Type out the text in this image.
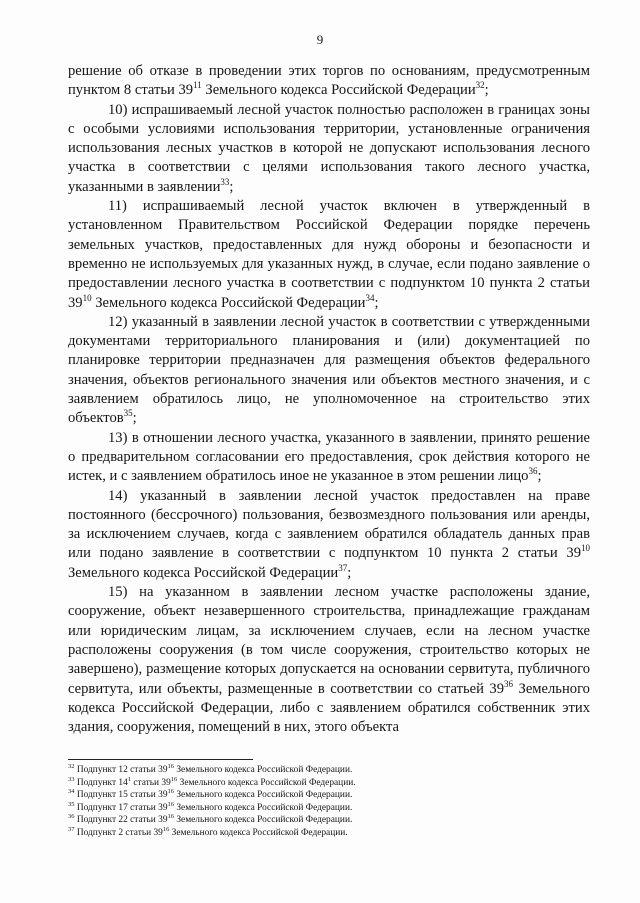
9

решение об отказе в проведении этих торгов по основаниям, предусмотренным пунктом 8 статьи $39^{11}$ Земельного кодекса Российской Федерации$^{32}$;

10) испрашиваемый лесной участок полностью расположен в границах зоны с особыми условиями использования территории, установленные ограничения использования лесных участков в которой не допускают использования лесного участка в соответствии с целями использования такого лесного участка, указанными в заявлении$^{33}$;

11) испрашиваемый лесной участок включен в утвержденный в установленном Правительством Российской Федерации порядке перечень земельных участков, предоставленных для нужд обороны и безопасности и временно не используемых для указанных нужд, в случае, если подано заявление о предоставлении лесного участка в соответствии с подпунктом 10 пункта 2 статьи $39^{10}$ Земельного кодекса Российской Федерации$^{34}$;

12) указанный в заявлении лесной участок в соответствии с утвержденными документами территориального планирования и (или) документацией по планировке территории предназначен для размещения объектов федерального значения, объектов регионального значения или объектов местного значения, и с заявлением обратилось лицо, не уполномоченное на строительство этих объектов$^{35}$;

13) в отношении лесного участка, указанного в заявлении, принято решение о предварительном согласовании его предоставления, срок действия которого не истек, и с заявлением обратилось иное не указанное в этом решении лицо$^{36}$;

14) указанный в заявлении лесной участок предоставлен на праве постоянного (бессрочного) пользования, безвозмездного пользования или аренды, за исключением случаев, когда с заявлением обратился обладатель данных прав или подано заявление в соответствии с подпунктом 10 пункта 2 статьи $39^{10}$ Земельного кодекса Российской Федерации$^{37}$;

15) на указанном в заявлении лесном участке расположены здание, сооружение, объект незавершенного строительства, принадлежащие гражданам или юридическим лицам, за исключением случаев, если на лесном участке расположены сооружения (в том числе сооружения, строительство которых не завершено), размещение которых допускается на основании сервитута, публичного сервитута, или объекты, размещенные в соответствии со статьей $39^{36}$ Земельного кодекса Российской Федерации, либо с заявлением обратился собственник этих здания, сооружения, помещений в них, этого объекта

$^{32}$ Подпункт 12 статьи $39^{16}$ Земельного кодекса Российской Федерации.
$^{33}$ Подпункт $14^1$ статьи $39^{16}$ Земельного кодекса Российской Федерации.
$^{34}$ Подпункт 15 статьи $39^{16}$ Земельного кодекса Российской Федерации.
$^{35}$ Подпункт 17 статьи $39^{16}$ Земельного кодекса Российской Федерации.
$^{36}$ Подпункт 22 статьи $39^{16}$ Земельного кодекса Российской Федерации.
$^{37}$ Подпункт 2 статьи $39^{16}$ Земельного кодекса Российской Федерации.
